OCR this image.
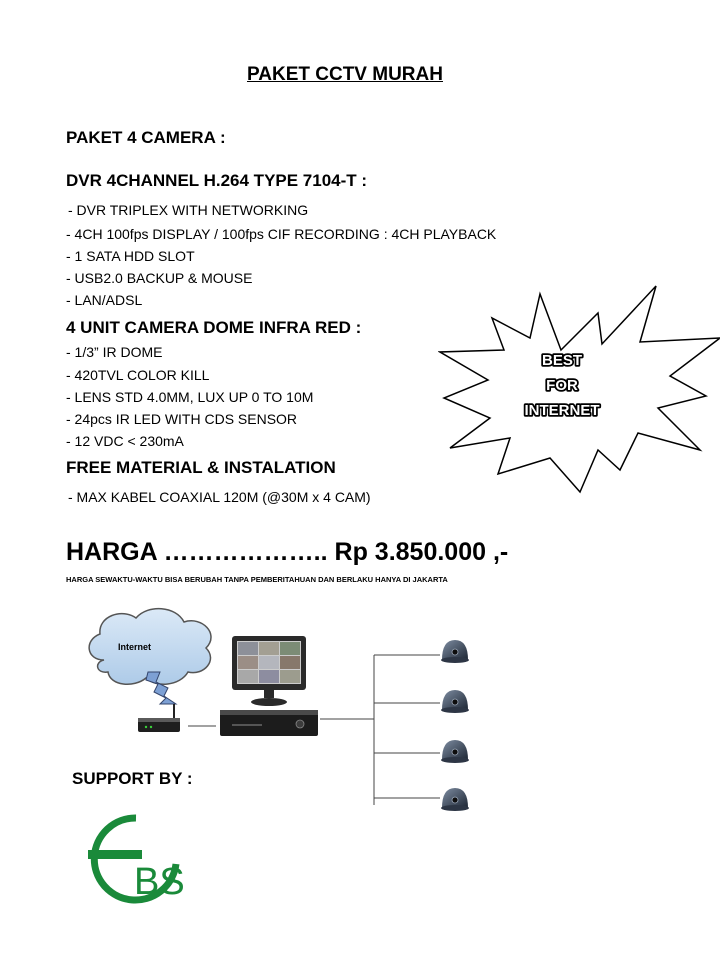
PAKET CCTV MURAH
PAKET 4 CAMERA :
DVR 4CHANNEL H.264 TYPE 7104-T :
- DVR TRIPLEX WITH NETWORKING
- 4CH 100fps DISPLAY / 100fps CIF RECORDING : 4CH PLAYBACK
- 1 SATA HDD SLOT
- USB2.0 BACKUP & MOUSE
- LAN/ADSL
4 UNIT CAMERA DOME INFRA RED :
- 1/3” IR DOME
- 420TVL COLOR KILL
- LENS STD 4.0MM, LUX UP 0 TO 10M
- 24pcs IR LED WITH CDS SENSOR
- 12 VDC < 230mA
FREE MATERIAL & INSTALATION
- MAX KABEL COAXIAL 120M (@30M x 4 CAM)
HARGA ……………….. Rp 3.850.000 ,-
HARGA SEWAKTU-WAKTU BISA BERUBAH TANPA PEMBERITAHUAN DAN BERLAKU HANYA DI JAKARTA
BEST
FOR
INTERNET
Internet
SUPPORT BY :
BS
